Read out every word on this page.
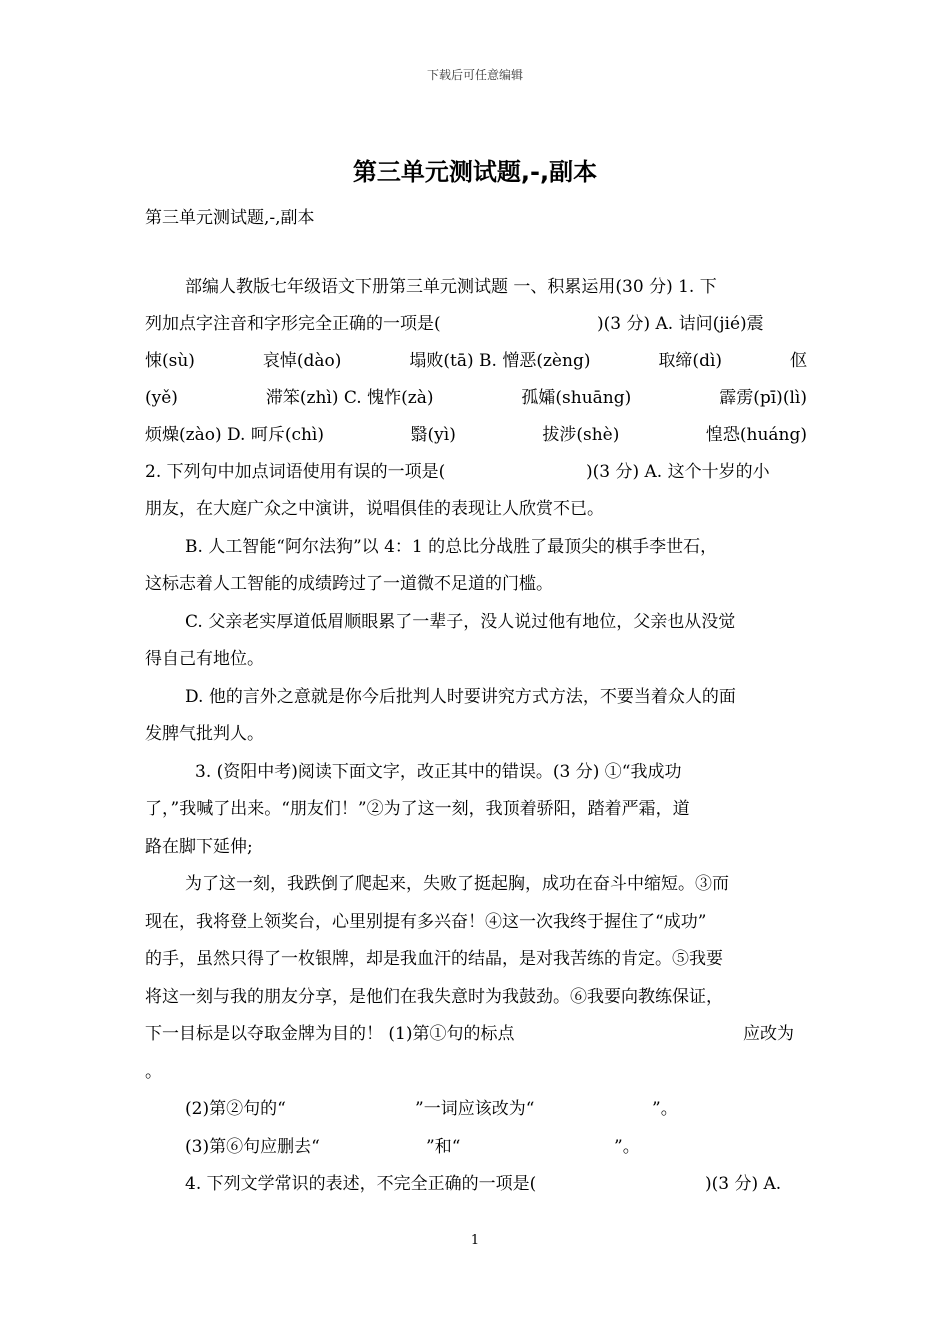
下载后可任意编辑
第三单元测试题,-,副本
第三单元测试题,-,副本
部编人教版七年级语文下册第三单元测试题 一、积累运用(30 分) 1. 下
列加点字注音和字形完全正确的一项是(	)(3 分) A. 诘问(jié)震
悚(sù)	哀悼(dào)	塌败(tā) B. 憎恶(zèng)	取缔(dì)	伛
(yě)	滞笨(zhì) C. 愧怍(zà)	孤孀(shuāng)	霹雳(pī)(lì)
烦燥(zào) D. 呵斥(chì)	翳(yì)	拔涉(shè)	惶恐(huáng)
2. 下列句中加点词语使用有误的一项是(	)(3 分) A. 这个十岁的小
朋友，在大庭广众之中演讲，说唱俱佳的表现让人欣赏不已。
B. 人工智能“阿尔法狗”以 4：1 的总比分战胜了最顶尖的棋手李世石，
这标志着人工智能的成绩跨过了一道微不足道的门槛。
C. 父亲老实厚道低眉顺眼累了一辈子，没人说过他有地位，父亲也从没觉
得自己有地位。
D. 他的言外之意就是你今后批判人时要讲究方式方法，不要当着众人的面
发脾气批判人。
3. (资阳中考)阅读下面文字，改正其中的错误。(3 分) ①“我成功
了，”我喊了出来。“朋友们！”②为了这一刻，我顶着骄阳，踏着严霜，道
路在脚下延伸;
为了这一刻，我跌倒了爬起来，失败了挺起胸，成功在奋斗中缩短。③而
现在，我将登上领奖台，心里别提有多兴奋！④这一次我终于握住了“成功”
的手，虽然只得了一枚银牌，却是我血汗的结晶，是对我苦练的肯定。⑤我要
将这一刻与我的朋友分享，是他们在我失意时为我鼓劲。⑥我要向教练保证，
下一目标是以夺取金牌为目的！ (1)第①句的标点	应改为
。
(2)第②句的“	”一词应该改为“	”。
(3)第⑥句应删去“	”和“	”。
4. 下列文学常识的表述，不完全正确的一项是(	)(3 分) A.
1
